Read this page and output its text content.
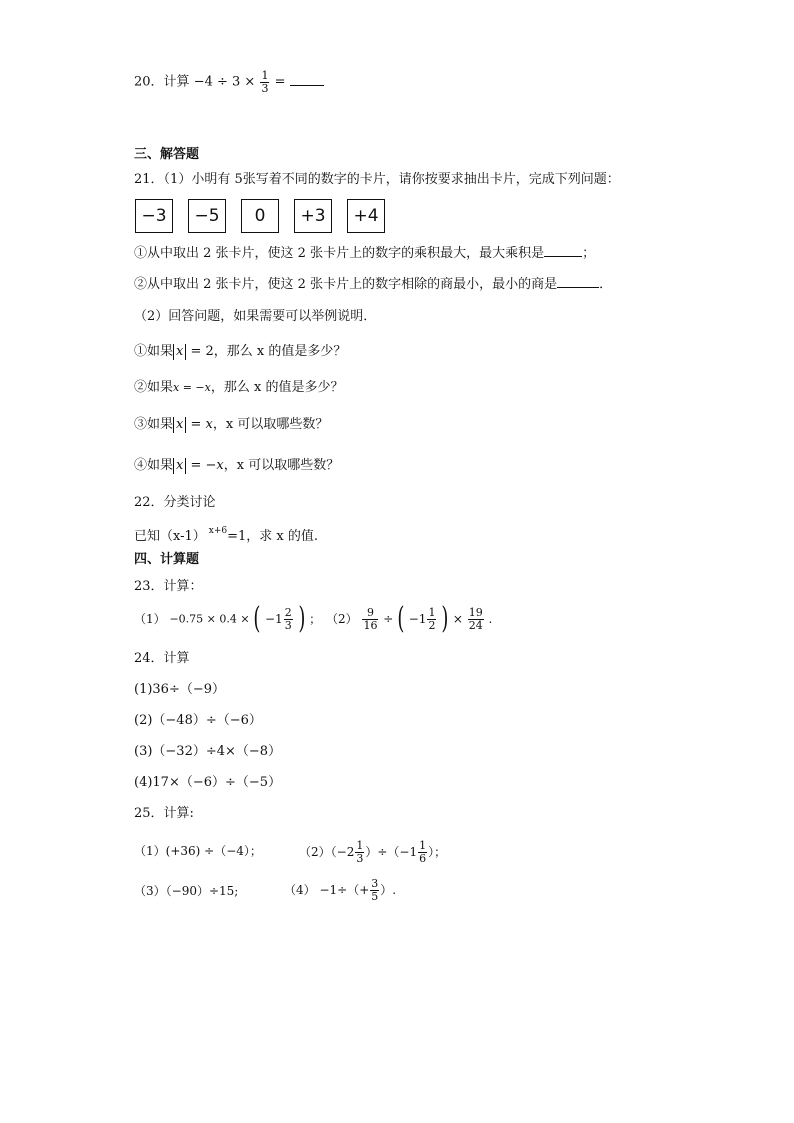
20．计算 $-4 \div 3 \times \frac{1}{3}$ =
三、解答题
21．（1）小明有 5张写着不同的数字的卡片，请你按要求抽出卡片，完成下列问题：
−3	−5	0	+3	+4
①从中取出 2 张卡片，使这 2 张卡片上的数字的乘积最大，最大乘积是	；
②从中取出 2 张卡片，使这 2 张卡片上的数字相除的商最小，最小的商是	．
（2）回答问题，如果需要可以举例说明．
①如果 x = 2，那么 x 的值是多少？
②如果x = −x，那么 x 的值是多少？
③如果 x = x，x 可以取哪些数？
④如果 x = −x，x 可以取哪些数？
22．分类讨论
已知（x-1） $^{x+6}$=1，求 x 的值.
四、计算题
23．计算：
（1） −0.75 × 0.4 × ( $-1 \frac{2}{3}$ ) ； $(2) \frac{9}{16}$ ÷ ( $-1 \frac{1}{2}$ ) × $\frac{19}{24}$ .
24．计算
(1)36÷（−9）
(2)（−48）÷（−6）
(3)（−32）÷4×（−8）
(4)17×（−6）÷（−5）
25．计算:
（1）(+36) ÷（−4）；	$(2)(-2 \frac{1}{3} )\div(-1 \frac{1}{6}$ ）；
（3）（−90）÷15;	$(4) -1\div(+ \frac{3}{5}$ ）.
